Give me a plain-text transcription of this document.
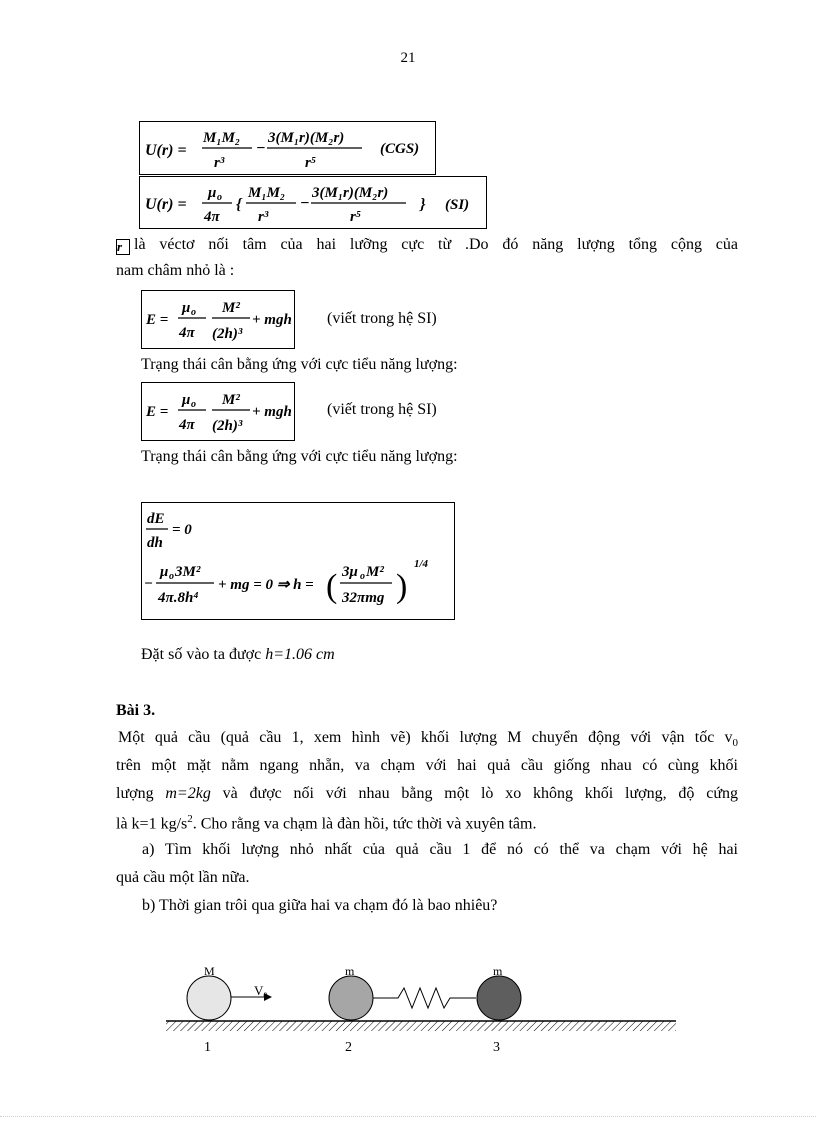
21
U(r) =
M₁M₂
r³
−
3(M₁r)(M₂r)
r⁵
(CGS)
U(r) =
μ o
4π
{
M₁M₂
r³
−
3(M₁r)(M₂r)
r⁵
} (SI)
r là véctơ nối tâm của hai lưỡng cực từ .Do đó năng lượng tổng cộng của
nam châm nhỏ là :
E =
μ o
4π
M²
(2h)³
+ mgh (viết trong hệ SI)
Trạng thái cân bằng ứng với cực tiểu năng lượng:
E =
μ o
4π
M²
(2h)³
+ mgh (viết trong hệ SI)
Trạng thái cân bằng ứng với cực tiểu năng lượng:
dE
dh
= 0
−
μ o 3M²
4π.8h⁴
+ mg = 0 ⇒ h = ( 3μ o M²
32πmg )
1/4
Đặt số vào ta được h=1.06 cm
Bài 3.
Một quả cầu (quả cầu 1, xem hình vẽ) khối lượng M chuyển động với vận tốc $v_0$
trên một mặt nằm ngang nhẵn, va chạm với hai quả cầu giống nhau có cùng khối
lượng m=2kg và được nối với nhau bằng một lò xo không khối lượng, độ cứng
là k=1 $kg/s^2$. Cho rằng va chạm là đàn hồi, tức thời và xuyên tâm.
a) Tìm khối lượng nhỏ nhất của quả cầu 1 để nó có thể va chạm với hệ hai
quả cầu một lần nữa.
b) Thời gian trôi qua giữa hai va chạm đó là bao nhiêu?
M
$V_0$
m	m
1	2	3
